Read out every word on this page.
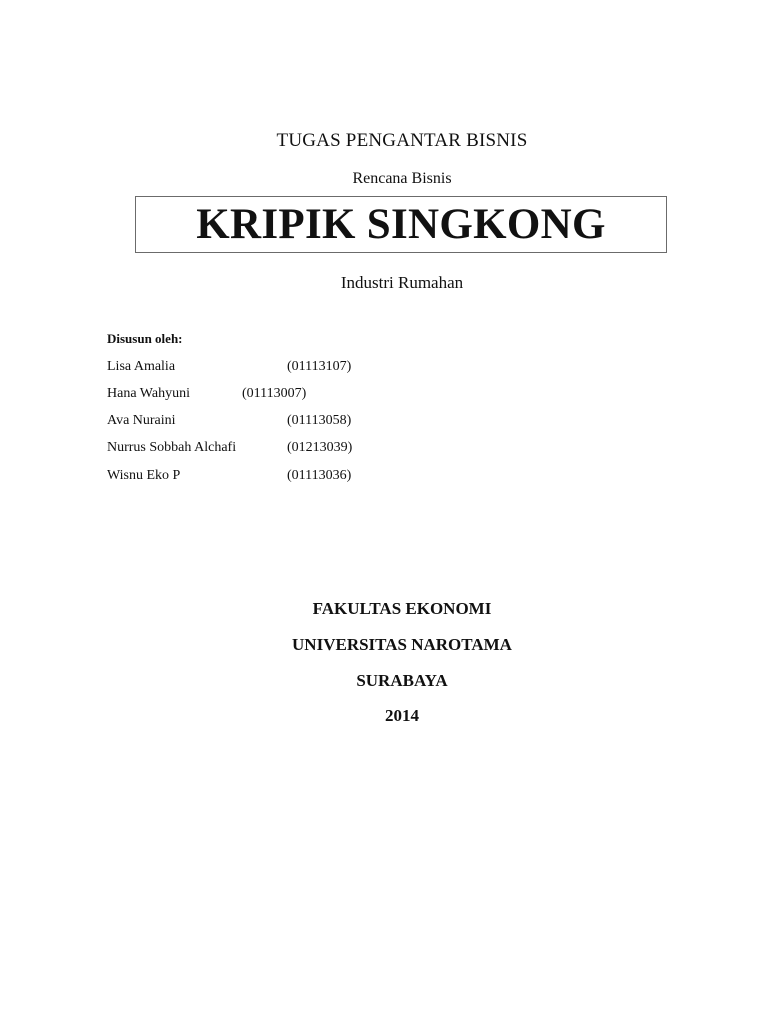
TUGAS PENGANTAR BISNIS
Rencana Bisnis
KRIPIK SINGKONG
Industri Rumahan
Disusun oleh:
Lisa Amalia	(01113107)
Hana Wahyuni	(01113007)
Ava Nuraini	(01113058)
Nurrus Sobbah Alchafi	(01213039)
Wisnu Eko P	(01113036)
FAKULTAS EKONOMI
UNIVERSITAS NAROTAMA
SURABAYA
2014
